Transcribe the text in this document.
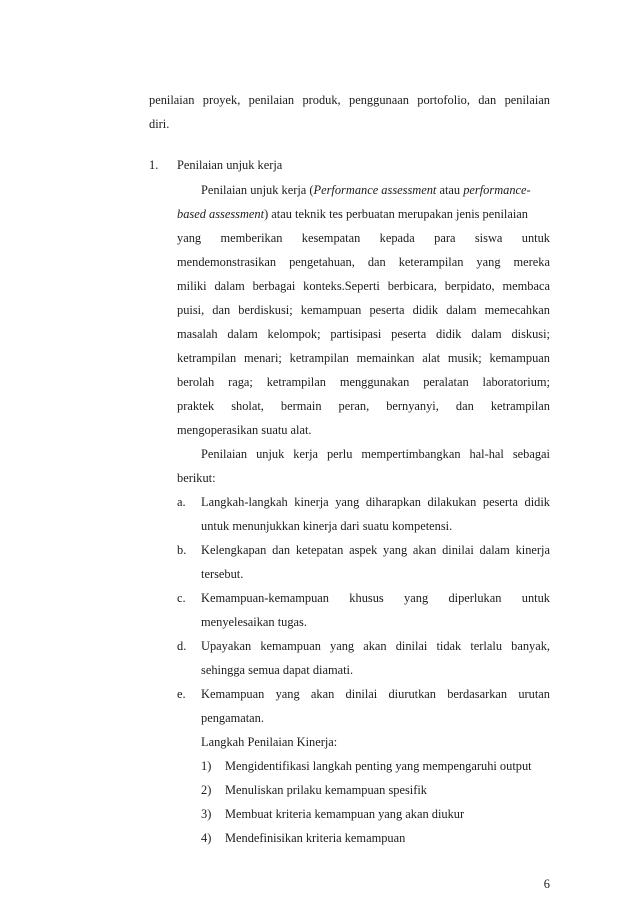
penilaian proyek, penilaian produk, penggunaan portofolio, dan penilaian
diri.
1. Penilaian unjuk kerja
Penilaian unjuk kerja (Performance assessment atau performance-
based assessment) atau teknik tes perbuatan merupakan jenis penilaian
yang memberikan kesempatan kepada para siswa untuk
mendemonstrasikan pengetahuan, dan keterampilan yang mereka
miliki dalam berbagai konteks.Seperti berbicara, berpidato, membaca
puisi, dan berdiskusi; kemampuan peserta didik dalam memecahkan
masalah dalam kelompok; partisipasi peserta didik dalam diskusi;
ketrampilan menari; ketrampilan memainkan alat musik; kemampuan
berolah raga; ketrampilan menggunakan peralatan laboratorium;
praktek sholat, bermain peran, bernyanyi, dan ketrampilan
mengoperasikan suatu alat.
Penilaian unjuk kerja perlu mempertimbangkan hal-hal sebagai
berikut:
a. Langkah-langkah kinerja yang diharapkan dilakukan peserta didik
untuk menunjukkan kinerja dari suatu kompetensi.
b. Kelengkapan dan ketepatan aspek yang akan dinilai dalam kinerja
tersebut.
c. Kemampuan-kemampuan khusus yang diperlukan untuk
menyelesaikan tugas.
d. Upayakan kemampuan yang akan dinilai tidak terlalu banyak,
sehingga semua dapat diamati.
e. Kemampuan yang akan dinilai diurutkan berdasarkan urutan
pengamatan.
Langkah Penilaian Kinerja:
1) Mengidentifikasi langkah penting yang mempengaruhi output
2) Menuliskan prilaku kemampuan spesifik
3) Membuat kriteria kemampuan yang akan diukur
4) Mendefinisikan kriteria kemampuan
6
